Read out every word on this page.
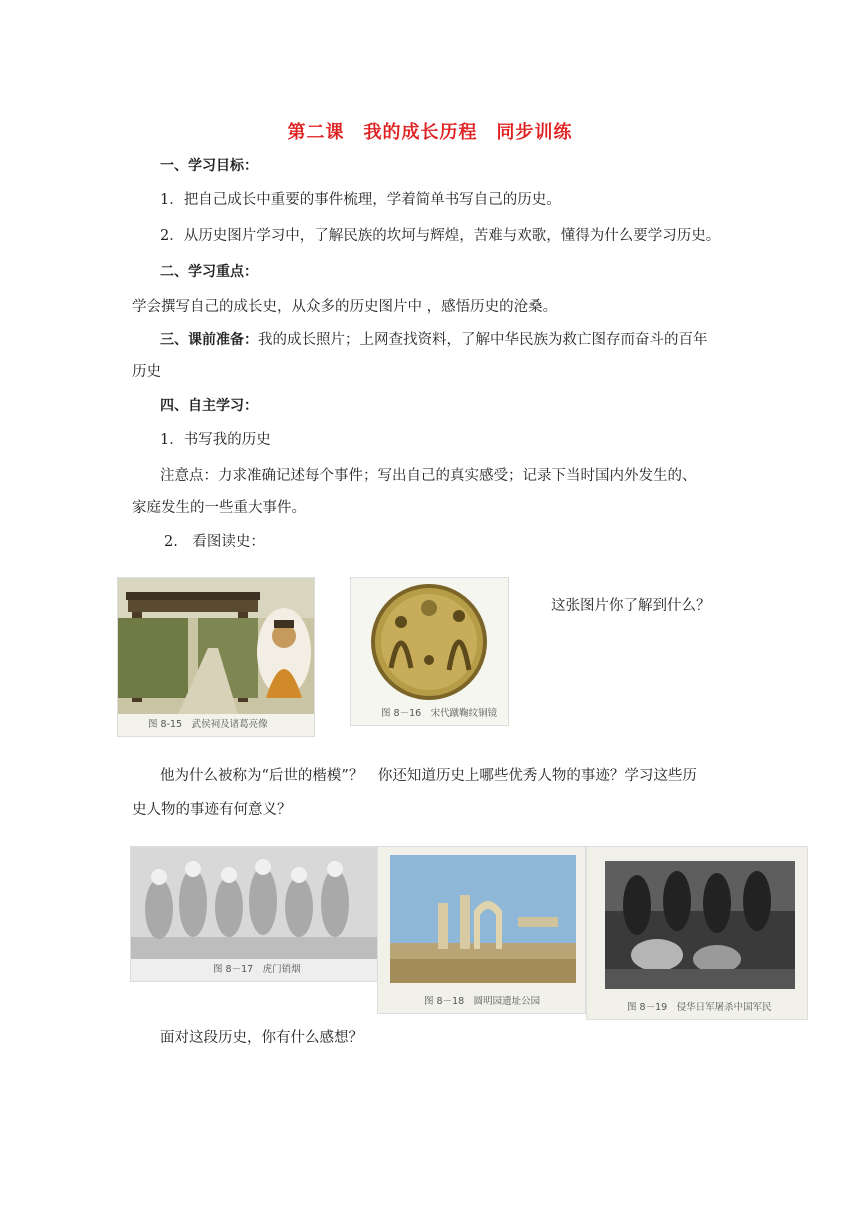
第二课　我的成长历程　同步训练
一、学习目标：
1．把自己成长中重要的事件梳理，学着简单书写自己的历史。
2．从历史图片学习中，了解民族的坎坷与辉煌，苦难与欢歌，懂得为什么要学习历史。
二、学习重点：
学会撰写自己的成长史，从众多的历史图片中 ，感悟历史的沧桑。
三、课前准备：我的成长照片；上网查找资料，了解中华民族为救亡图存而奋斗的百年
历史
四、自主学习：
1．书写我的历史
注意点：力求准确记述每个事件；写出自己的真实感受；记录下当时国内外发生的、
家庭发生的一些重大事件。
2.　看图读史：
图 8-15　武侯祠及诸葛亮像
图 8－16　宋代蹴鞠纹铜镜
这张图片你了解到什么？
他为什么被称为“后世的楷模”？　你还知道历史上哪些优秀人物的事迹？学习这些历
史人物的事迹有何意义？
图 8－17　虎门销烟
图 8－18　圆明园遗址公园
图 8－19　侵华日军屠杀中国军民
面对这段历史，你有什么感想？
